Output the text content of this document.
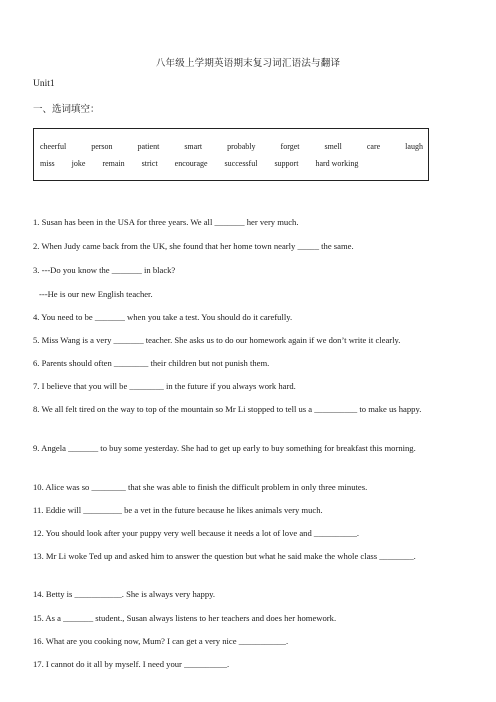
八年级上学期英语期末复习词汇语法与翻译
Unit1
一、选词填空：
cheerful	person	patient	smart	probably	forget	smell	care	laugh
miss joke remain strict encourage successful support hard working
1. Susan has been in the USA for three years. We all _______ her very much.
2. When Judy came back from the UK, she found that her home town nearly _____ the same.
3. ---Do you know the _______ in black?
---He is our new English teacher.
4. You need to be _______ when you take a test. You should do it carefully.
5. Miss Wang is a very _______ teacher. She asks us to do our homework again if we don’t write it clearly.
6. Parents should often ________ their children but not punish them.
7. I believe that you will be ________ in the future if you always work hard.
8. We all felt tired on the way to top of the mountain so Mr Li stopped to tell us a __________ to make us happy.
9. Angela _______ to buy some yesterday. She had to get up early to buy something for breakfast this morning.
10. Alice was so ________ that she was able to finish the difficult problem in only three minutes.
11. Eddie will _________ be a vet in the future because he likes animals very much.
12. You should look after your puppy very well because it needs a lot of love and __________.
13. Mr Li woke Ted up and asked him to answer the question but what he said make the whole class ________.
14. Betty is ___________. She is always very happy.
15. As a _______ student., Susan always listens to her teachers and does her homework.
16. What are you cooking now, Mum? I can get a very nice ___________.
17. I cannot do it all by myself. I need your __________.
